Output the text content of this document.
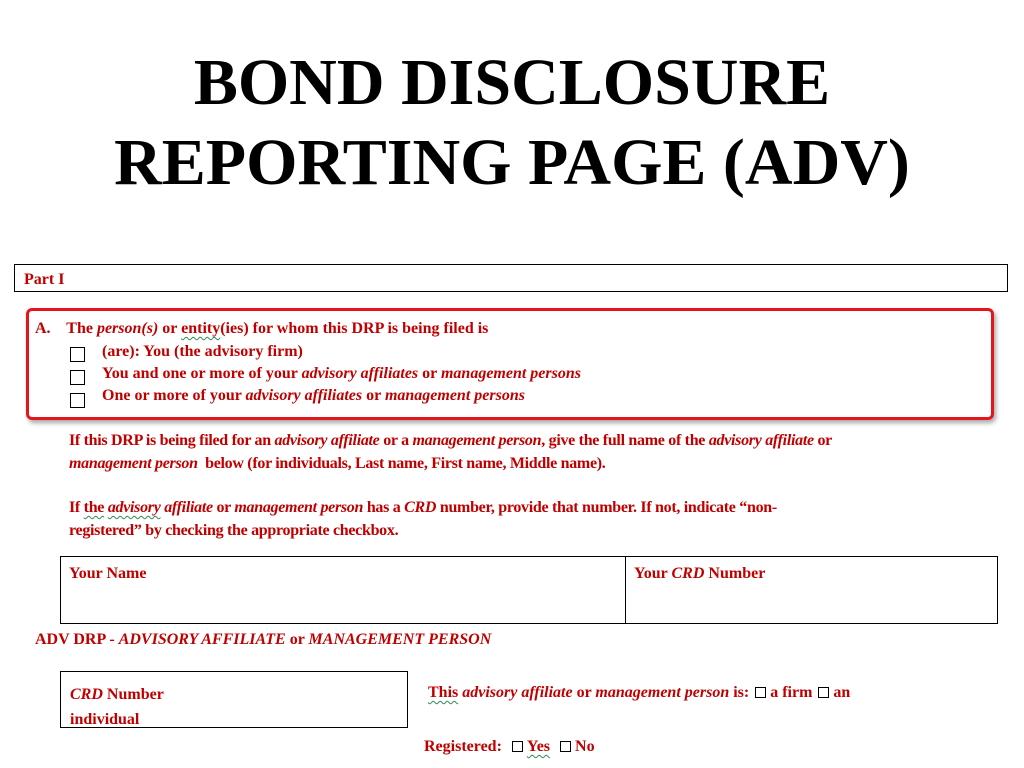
BOND DISCLOSURE
REPORTING PAGE (ADV)
Part I
A. The person(s) or entity(ies) for whom this DRP is being filed is
(are): You (the advisory firm)
You and one or more of your advisory affiliates or management persons
One or more of your advisory affiliates or management persons
If this DRP is being filed for an advisory affiliate or a management person, give the full name of the advisory affiliate or
management person below (for individuals, Last name, First name, Middle name).
If the advisory affiliate or management person has a CRD number, provide that number. If not, indicate “non-
registered” by checking the appropriate checkbox.
Your Name	Your CRD Number
ADV DRP - ADVISORY AFFILIATE or MANAGEMENT PERSON
CRD Number
individual
This advisory affiliate or management person is: a firm an
Registered: Yes No
